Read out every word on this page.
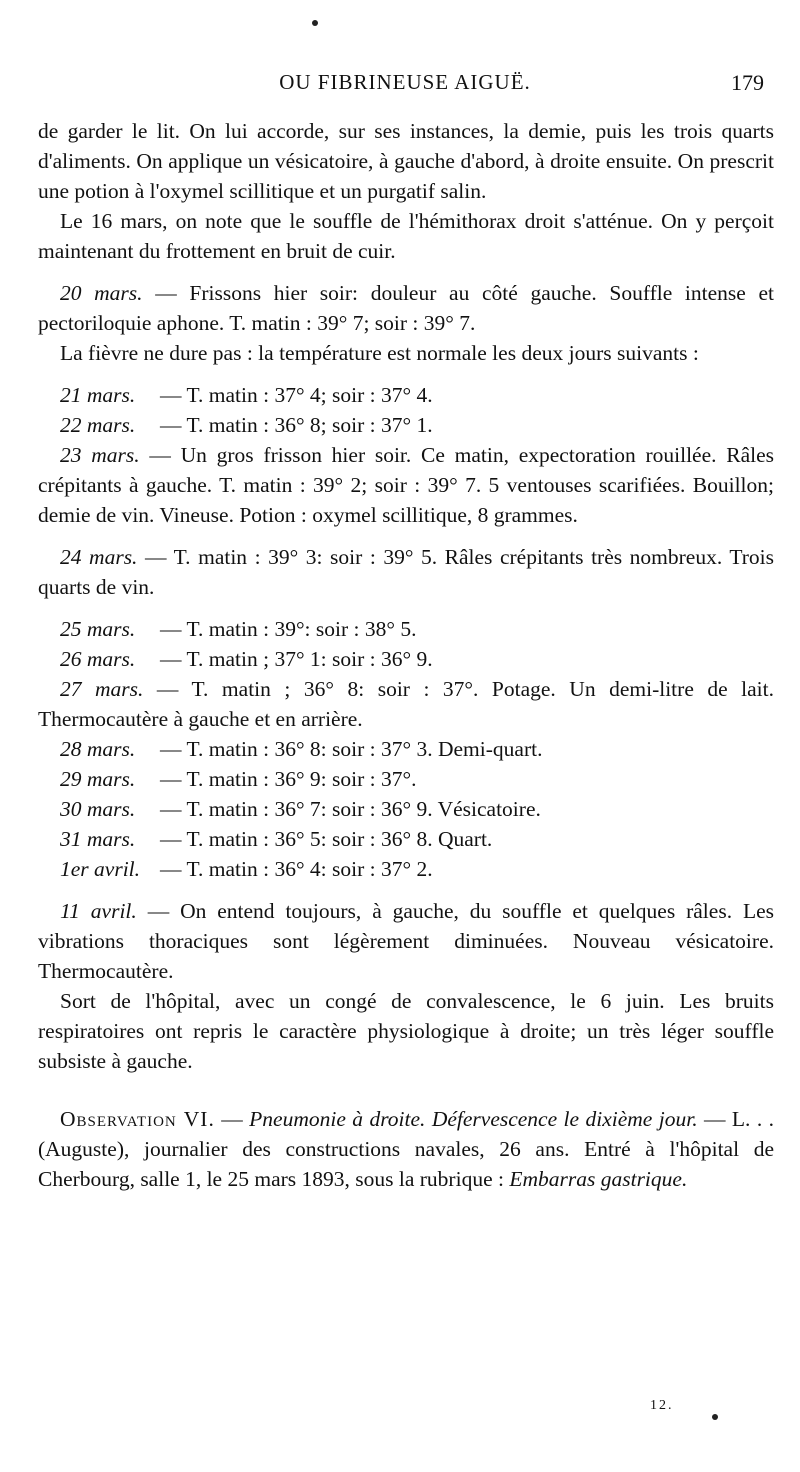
OU FIBRINEUSE AIGUË.	179

de garder le lit. On lui accorde, sur ses instances, la demie, puis les trois quarts d'aliments. On applique un vésicatoire, à gauche d'abord, à droite ensuite. On prescrit une potion à l'oxymel scillitique et un purgatif salin.

Le 16 mars, on note que le souffle de l'hémithorax droit s'atténue. On y perçoit maintenant du frottement en bruit de cuir.

20 mars. — Frissons hier soir: douleur au côté gauche. Souffle intense et pectoriloquie aphone. T. matin : 39° 7; soir : 39° 7.

La fièvre ne dure pas : la température est normale les deux jours suivants :

21 mars.	— T. matin : 37° 4; soir : 37° 4.
22 mars.	— T. matin : 36° 8; soir : 37° 1.

23 mars. — Un gros frisson hier soir. Ce matin, expectoration rouillée. Râles crépitants à gauche. T. matin : 39° 2; soir : 39° 7. 5 ventouses scarifiées. Bouillon; demie de vin. Vineuse. Potion : oxymel scillitique, 8 grammes.

24 mars. — T. matin : 39° 3: soir : 39° 5. Râles crépitants très nombreux. Trois quarts de vin.

25 mars.	— T. matin : 39°: soir : 38° 5.
26 mars.	— T. matin ; 37° 1: soir : 36° 9.

27 mars. — T. matin ; 36° 8: soir : 37°. Potage. Un demi-litre de lait. Thermocautère à gauche et en arrière.

28 mars.	— T. matin : 36° 8: soir : 37° 3. Demi-quart.
29 mars.	— T. matin : 36° 9: soir : 37°.
30 mars.	— T. matin : 36° 7: soir : 36° 9. Vésicatoire.
31 mars.	— T. matin : 36° 5: soir : 36° 8. Quart.
1er avril. — T. matin : 36° 4: soir : 37° 2.

11 avril. — On entend toujours, à gauche, du souffle et quelques râles. Les vibrations thoraciques sont légèrement diminuées. Nouveau vésicatoire. Thermocautère.

Sort de l'hôpital, avec un congé de convalescence, le 6 juin. Les bruits respiratoires ont repris le caractère physiologique à droite; un très léger souffle subsiste à gauche.

Observation VI. — Pneumonie à droite. Défervescence le dixième jour. — L. . . (Auguste), journalier des constructions navales, 26 ans. Entré à l'hôpital de Cherbourg, salle 1, le 25 mars 1893, sous la rubrique : Embarras gastrique.

12.
